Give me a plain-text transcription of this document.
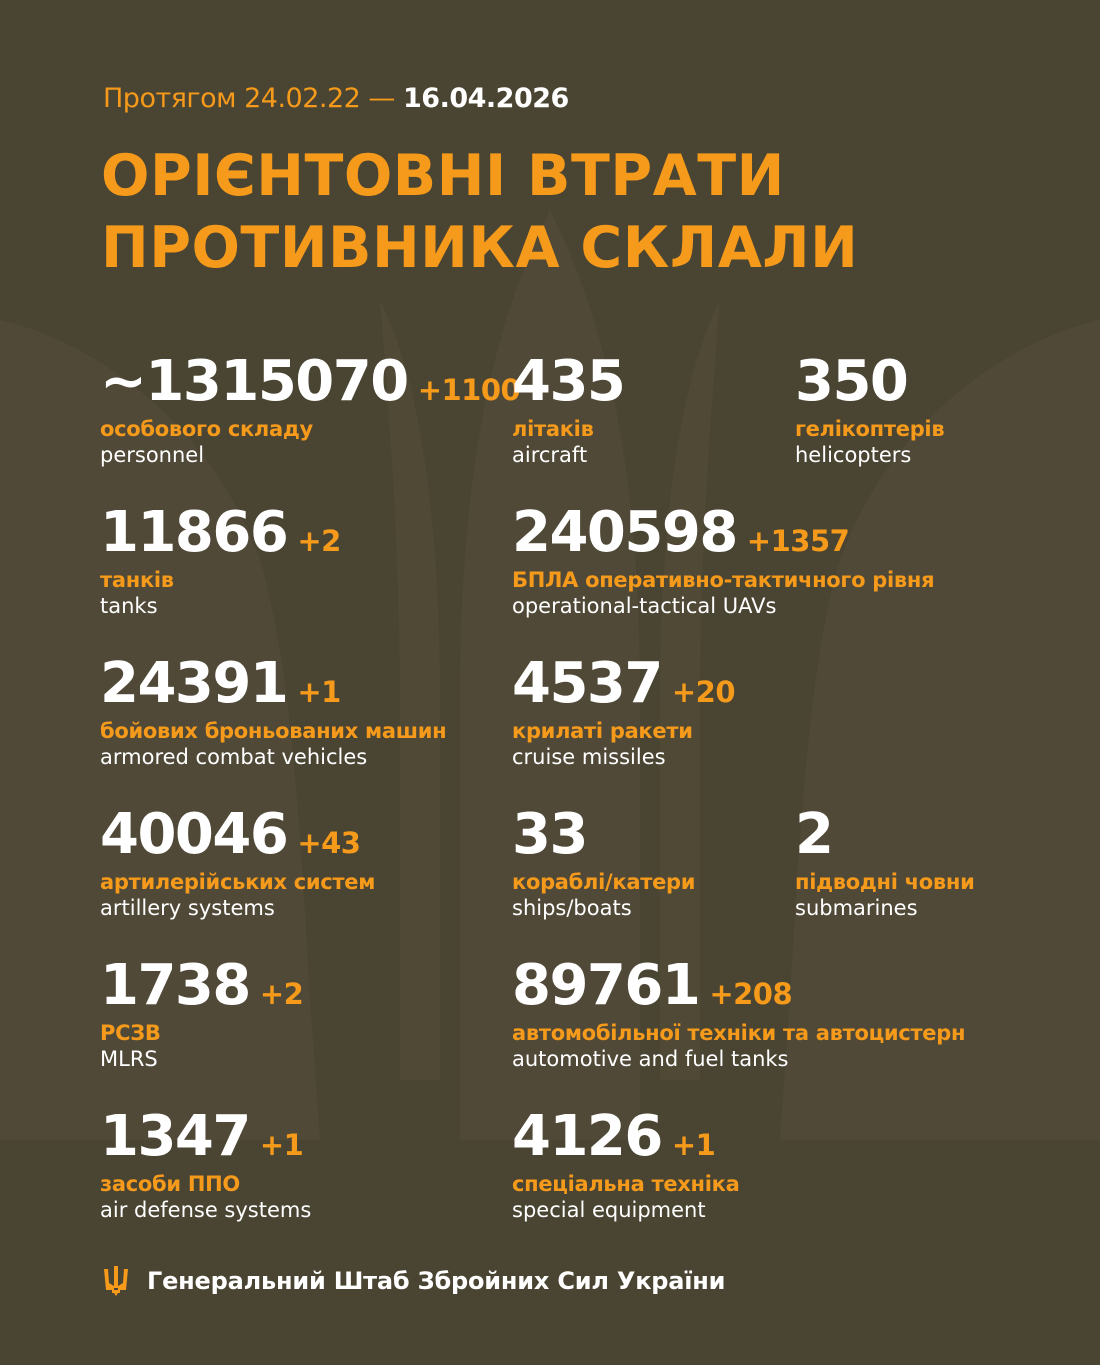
Протягом 24.02.22 — 16.04.2026
ОРІЄНТОВНІ ВТРАТИ
ПРОТИВНИКА СКЛАЛИ
~1315070 +1100
особового складу
personnel
11866 +2
танків
tanks
24391 +1
бойових броньованих машин
armored combat vehicles
40046 +43
артилерійських систем
artillery systems
1738 +2
РСЗВ
MLRS
1347 +1
засоби ППО
air defense systems
435
літаків
aircraft
240598 +1357
БПЛА оперативно-тактичного рівня
operational-tactical UAVs
4537 +20
крилаті ракети
cruise missiles
33
кораблі/катери
ships/boats
89761 +208
автомобільної техніки та автоцистерн
automotive and fuel tanks
4126 +1
спеціальна техніка
special equipment
350
гелікоптерів
helicopters
2
підводні човни
submarines
Генеральний Штаб Збройних Сил України
